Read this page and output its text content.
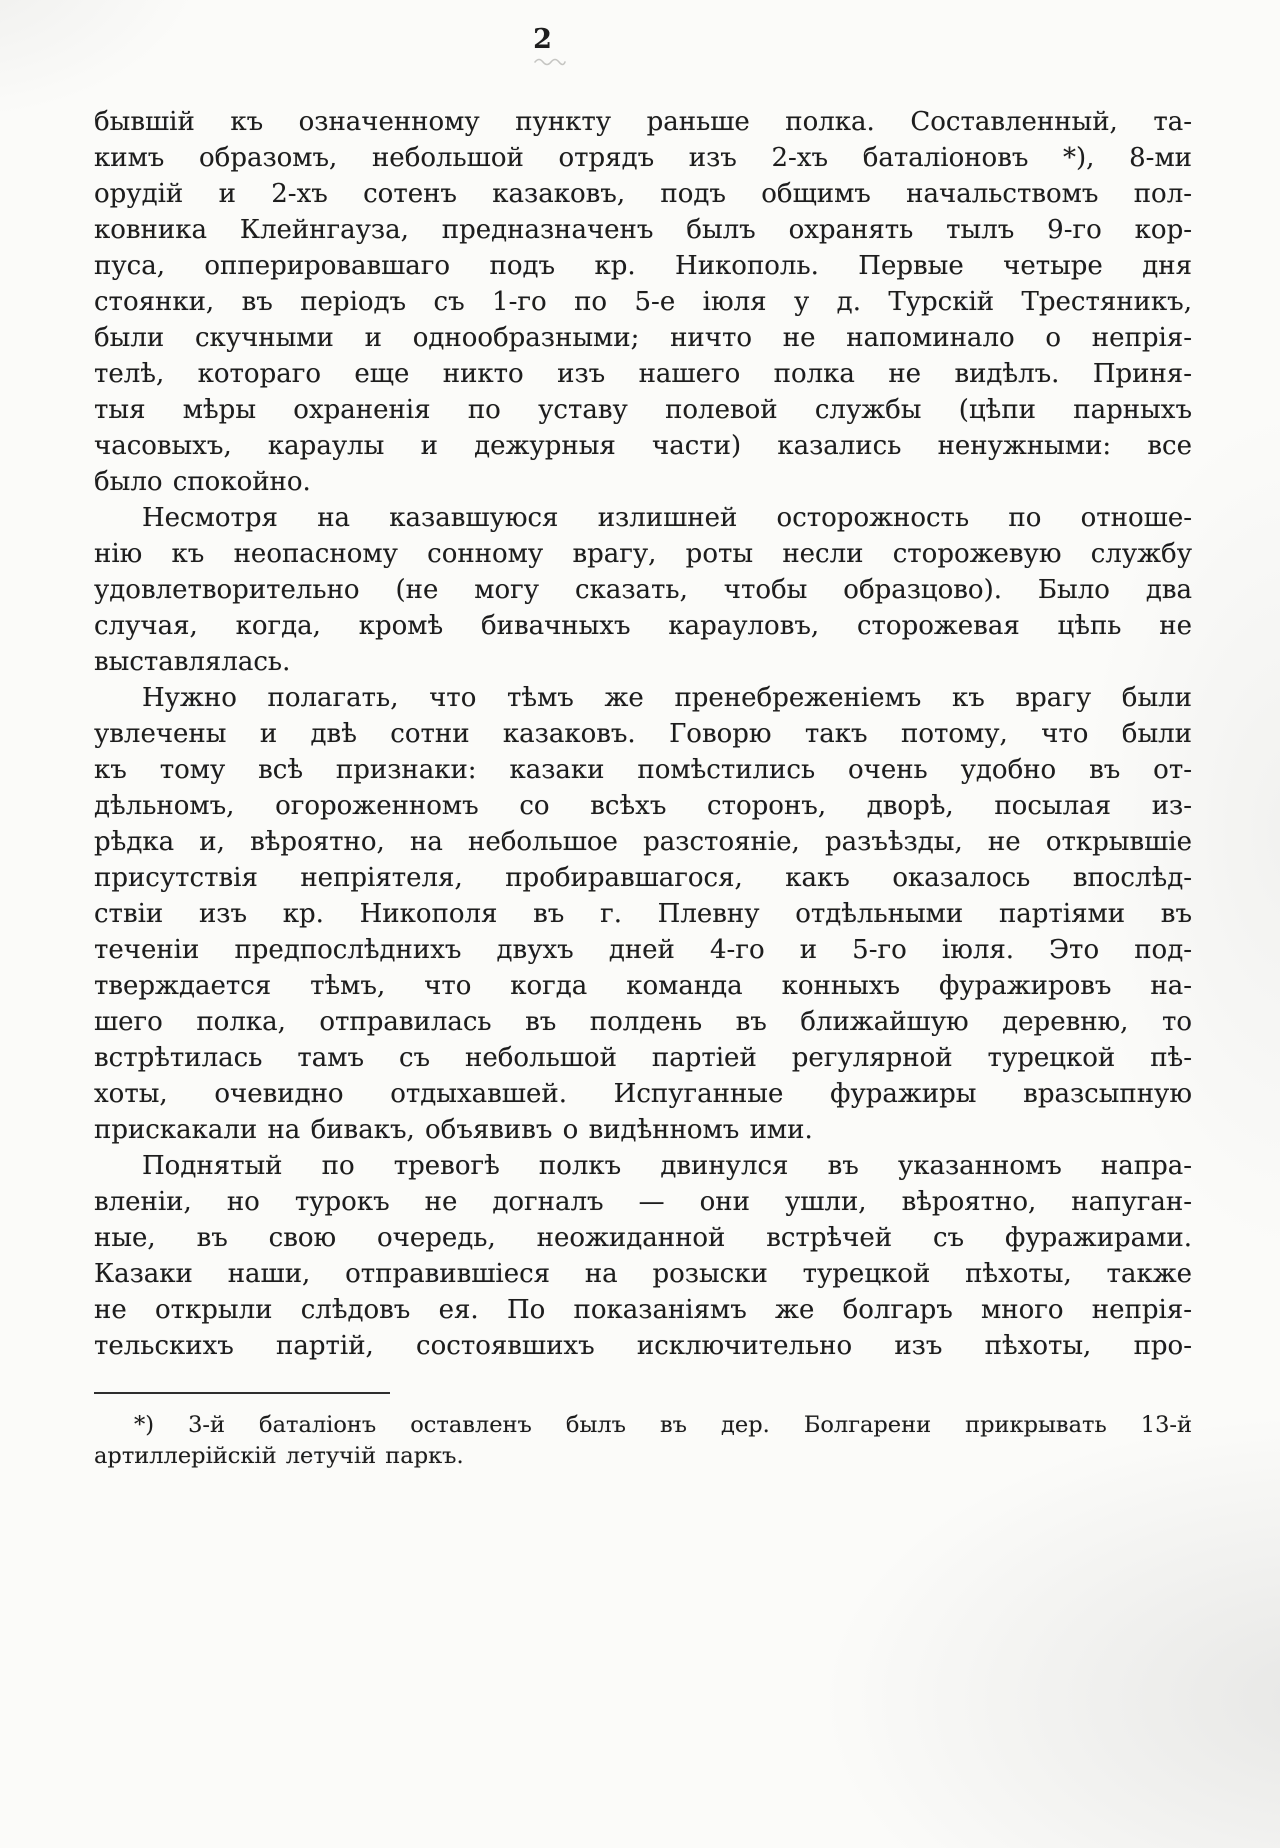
2
бывшій къ означенному пункту раньше полка. Составленный, та-
кимъ образомъ, небольшой отрядъ изъ 2-хъ баталіоновъ *), 8-ми
орудій и 2-хъ сотенъ казаковъ, подъ общимъ начальствомъ пол-
ковника Клейнгауза, предназначенъ былъ охранять тылъ 9-го кор-
пуса, опперировавшаго подъ кр. Никополь. Первые четыре дня
стоянки, въ періодъ съ 1-го по 5-е іюля у д. Турскій Трестяникъ,
были скучными и однообразными; ничто не напоминало о непрія-
телѣ, котораго еще никто изъ нашего полка не видѣлъ. Приня-
тыя мѣры охраненія по уставу полевой службы (цѣпи парныхъ
часовыхъ, караулы и дежурныя части) казались ненужными: все
было спокойно.
Несмотря на казавшуюся излишней осторожность по отноше-
нію къ неопасному сонному врагу, роты несли сторожевую службу
удовлетворительно (не могу сказать, чтобы образцово). Было два
случая, когда, кромѣ бивачныхъ карауловъ, сторожевая цѣпь не
выставлялась.
Нужно полагать, что тѣмъ же пренебреженіемъ къ врагу были
увлечены и двѣ сотни казаковъ. Говорю такъ потому, что были
къ тому всѣ признаки: казаки помѣстились очень удобно въ от-
дѣльномъ, огороженномъ со всѣхъ сторонъ, дворѣ, посылая из-
рѣдка и, вѣроятно, на небольшое разстояніе, разъѣзды, не открывшіе
присутствія непріятеля, пробиравшагося, какъ оказалось впослѣд-
ствіи изъ кр. Никополя въ г. Плевну отдѣльными партіями въ
теченіи предпослѣднихъ двухъ дней 4-го и 5-го іюля. Это под-
тверждается тѣмъ, что когда команда конныхъ фуражировъ на-
шего полка, отправилась въ полдень въ ближайшую деревню, то
встрѣтилась тамъ съ небольшой партіей регулярной турецкой пѣ-
хоты, очевидно отдыхавшей. Испуганные фуражиры вразсыпную
прискакали на бивакъ, объявивъ о видѣнномъ ими.
Поднятый по тревогѣ полкъ двинулся въ указанномъ напра-
вленіи, но турокъ не догналъ — они ушли, вѣроятно, напуган-
ные, въ свою очередь, неожиданной встрѣчей съ фуражирами.
Казаки наши, отправившіеся на розыски турецкой пѣхоты, также
не открыли слѣдовъ ея. По показаніямъ же болгаръ много непрія-
тельскихъ партій, состоявшихъ исключительно изъ пѣхоты, про-
*) 3-й баталіонъ оставленъ былъ въ дер. Болгарени прикрывать 13-й
артиллерійскій летучій паркъ.
